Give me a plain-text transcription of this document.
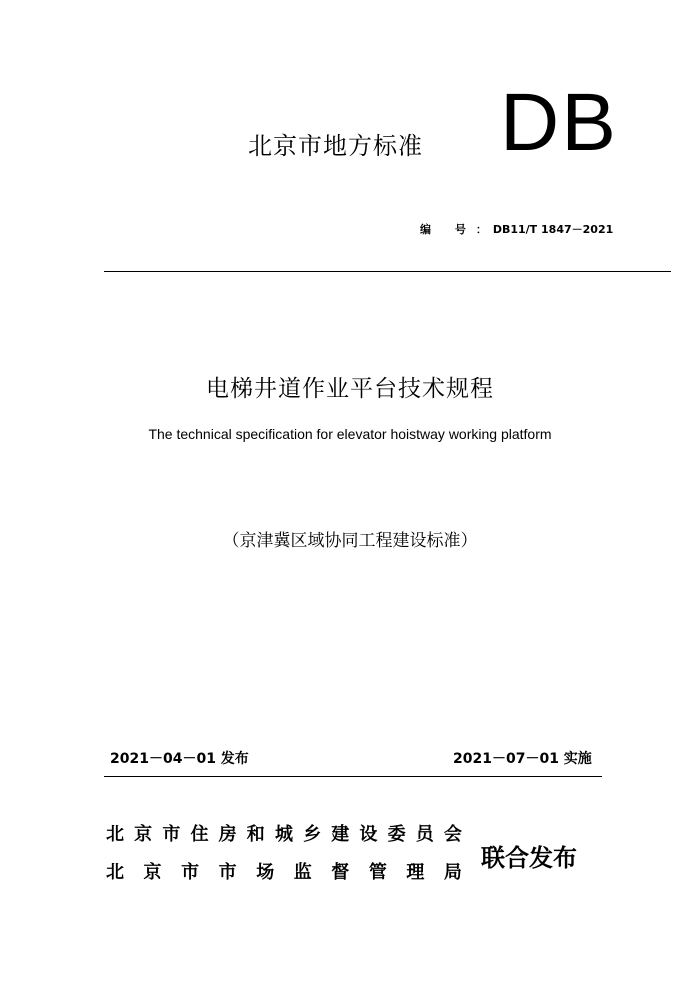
北京市地方标准 DB
编 号：DB11/T 1847－2021
电梯井道作业平台技术规程
The technical specification for elevator hoistway working platform
（京津冀区域协同工程建设标准）
2021－04－01 发布	2021－07－01 实施
北 京 市 住 房 和 城 乡 建 设 委 员 会
北 京 市 市 场 监 督 管 理 局
联合发布
